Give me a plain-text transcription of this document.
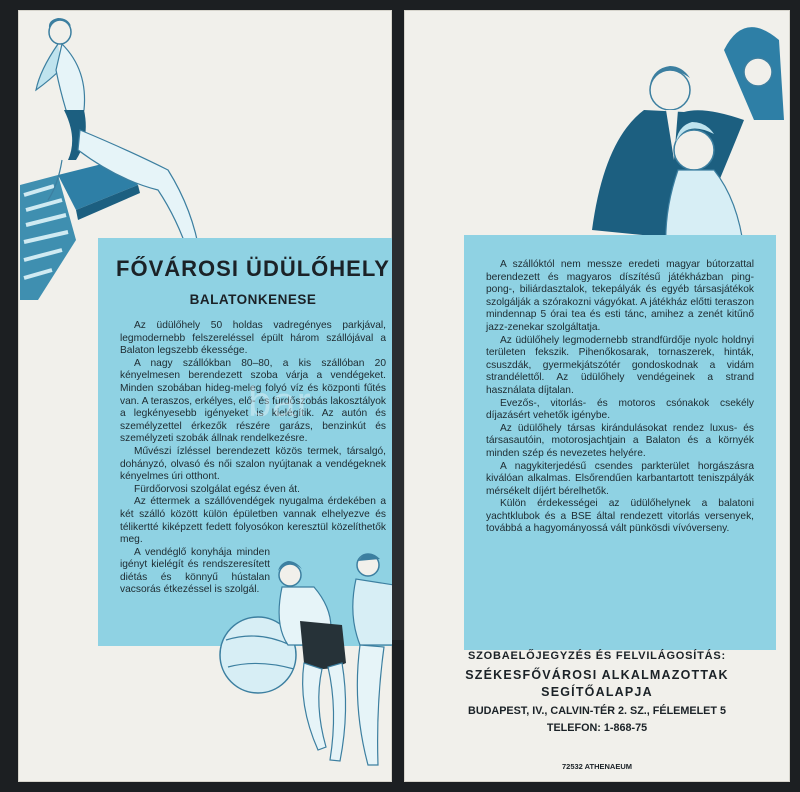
FŐVÁROSI ÜDÜLŐHELY
BALATONKENESE

Az üdülőhely 50 holdas vadregényes parkjával, legmodernebb felszereléssel épült három szállójával a Balaton legszebb ékessége.

A nagy szállókban 80–80, a kis szállóban 20 kényelmesen berendezett szoba várja a vendégeket. Minden szobában hideg-meleg folyó víz és központi fűtés van. A teraszos, erkélyes, elő- és fürdőszobás lakosztályok a legkényesebb igényeket is kielégítik. Az autón és személyzettel érkezők részére garázs, benzinkút és személyzeti szobák állnak rendelkezésre.

Művészi ízléssel berendezett közös termek, társalgó, dohányzó, olvasó és női szalon nyújtanak a vendégeknek kényelmes úri otthont.

Fürdőorvosi szolgálat egész éven át.

Az éttermek a szállóvendégek nyugalma érdekében a két szálló között külön épületben vannak elhelyezve és télikertté kiképzett fedett folyosókon keresztül közelíthetők meg.

A vendéglő konyhája minden igényt kielégít és rendszeresített diétás és könnyű hústalan vacsorás étkezéssel is szolgál.

bar

A szállóktól nem messze eredeti magyar bútorzattal berendezett és magyaros díszítésű játékházban ping-pong-, biliárdasztalok, tekepályák és egyéb társasjátékok szolgálják a szórakozni vágyókat. A játékház előtti teraszon mindennap 5 órai tea és esti tánc, amihez a zenét kitűnő jazz-zenekar szolgáltatja.

Az üdülőhely legmodernebb strandfürdője nyolc holdnyi területen fekszik. Pihenőkosarak, tornaszerek, hinták, csuszdák, gyermekjátszótér gondoskodnak a vidám strandélettől. Az üdülőhely vendégeinek a strand használata díjtalan.

Evezős-, vitorlás- és motoros csónakok csekély díjazásért vehetők igénybe.

Az üdülőhely társas kirándulásokat rendez luxus- és társasautóin, motorosjachtjain a Balaton és a környék minden szép és nevezetes helyére.

A nagykiterjedésű csendes parkterület horgászásra kiválóan alkalmas. Elsőrendűen karbantartott teniszpályák mérsékelt díjért bérelhetők.

Külön érdekességei az üdülőhelynek a balatoni yachtklubok és a BSE által rendezett vitorlás versenyek, továbbá a hagyományossá vált pünkösdi vívóverseny.

SZOBAELŐJEGYZÉS ÉS FELVILÁGOSÍTÁS:
SZÉKESFŐVÁROSI ALKALMAZOTTAK
SEGÍTŐALAPJA
BUDAPEST, IV., CALVIN-TÉR 2. SZ., FÉLEMELET 5
TELEFON: 1-868-75
72532 ATHENAEUM
